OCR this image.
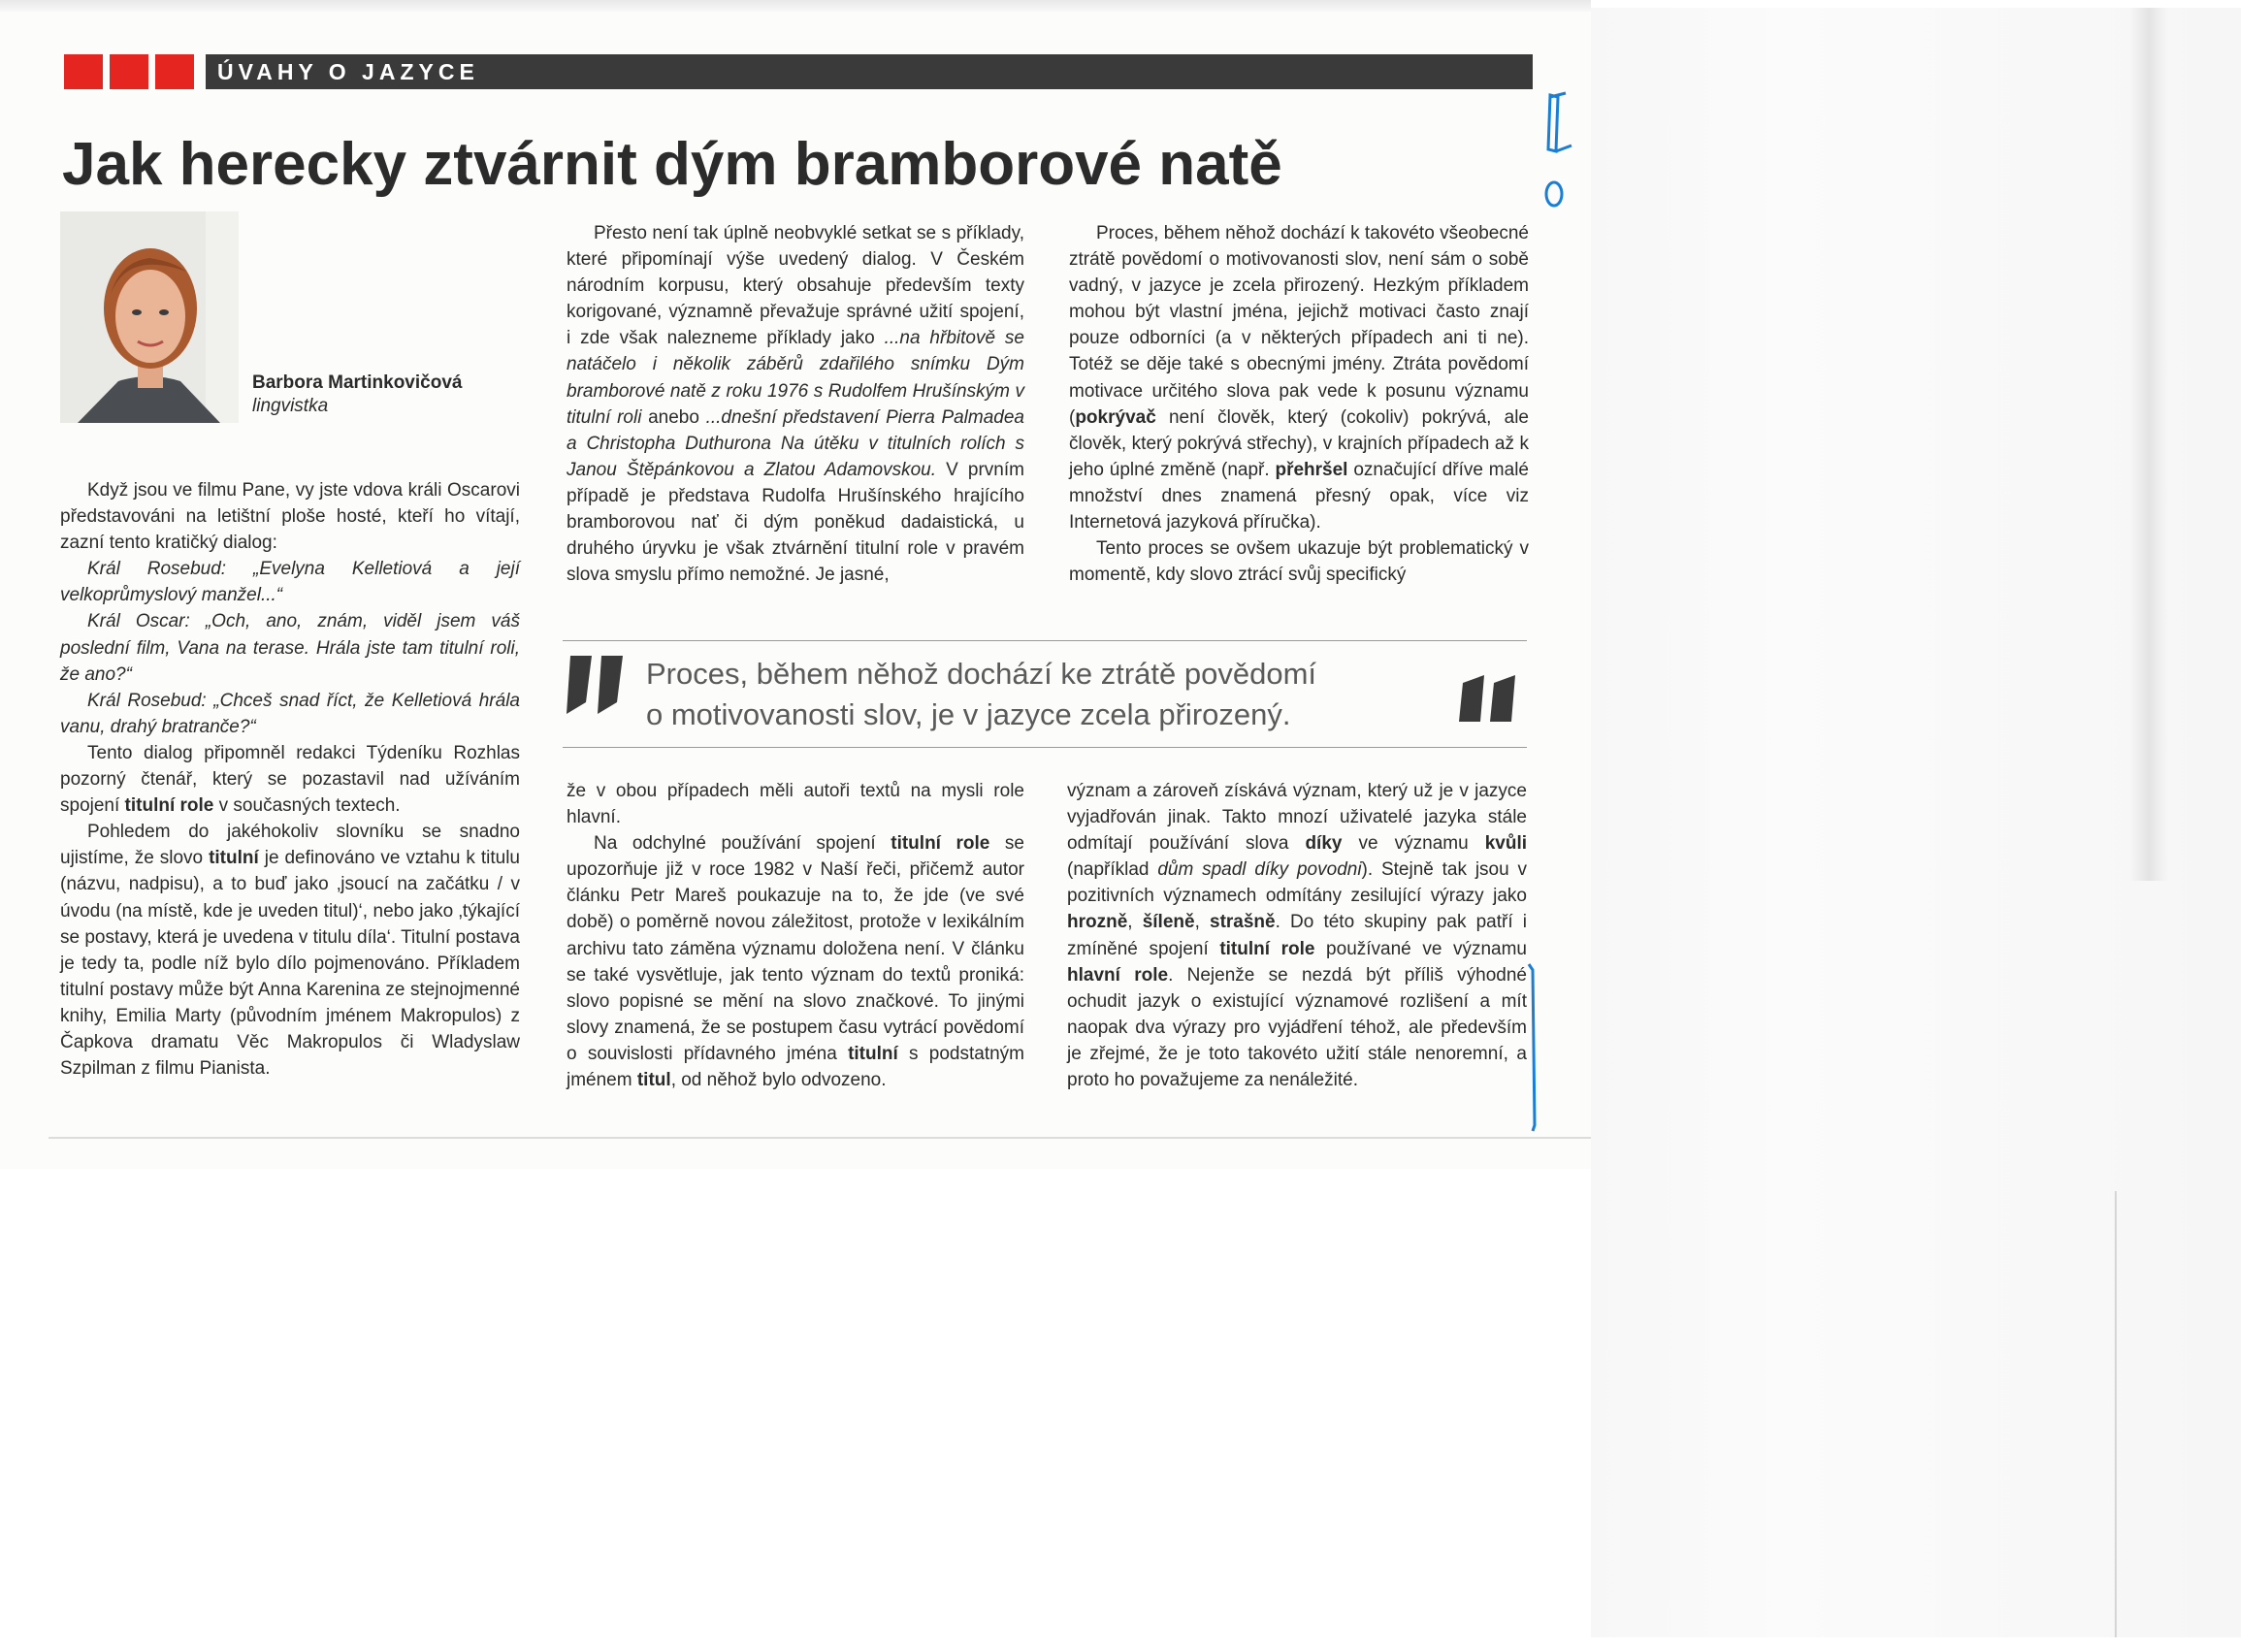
ÚVAHY O JAZYCE
Jak herecky ztvárnit dým bramborové natě
Barbora Martinkovičová
lingvistka

Když jsou ve filmu Pane, vy jste vdova králi Oscarovi představováni na letištní ploše hosté, kteří ho vítají, zazní tento kratičký dialog:

Král Rosebud: „Evelyna Kelletiová a její velkoprůmyslový manžel...“

Král Oscar: „Och, ano, znám, viděl jsem váš poslední film, Vana na terase. Hrála jste tam titulní roli, že ano?“

Král Rosebud: „Chceš snad říct, že Kelletiová hrála vanu, drahý bratranče?“

Tento dialog připomněl redakci Týdeníku Rozhlas pozorný čtenář, který se pozastavil nad užíváním spojení titulní role v současných textech.

Pohledem do jakéhokoliv slovníku se snadno ujistíme, že slovo titulní je definováno ve vztahu k titulu (názvu, nadpisu), a to buď jako ‚jsoucí na začátku / v úvodu (na místě, kde je uveden titul)‘, nebo jako ‚týkající se postavy, která je uvedena v titulu díla‘. Titulní postava je tedy ta, podle níž bylo dílo pojmenováno. Příkladem titulní postavy může být Anna Karenina ze stejnojmenné knihy, Emilia Marty (původním jménem Makropulos) z Čapkova dramatu Věc Makropulos či Wladyslaw Szpilman z filmu Pianista.

Přesto není tak úplně neobvyklé setkat se s příklady, které připomínají výše uvedený dialog. V Českém národním korpusu, který obsahuje především texty korigované, významně převažuje správné užití spojení, i zde však nalezneme příklady jako ...na hřbitově se natáčelo i několik záběrů zdařilého snímku Dým bramborové natě z roku 1976 s Rudolfem Hrušínským v titulní roli anebo ...dnešní představení Pierra Palmadea a Christopha Duthurona Na útěku v titulních rolích s Janou Štěpánkovou a Zlatou Adamovskou. V prvním případě je představa Rudolfa Hrušínského hrajícího bramborovou nať či dým poněkud dadaistická, u druhého úryvku je však ztvárnění titulní role v pravém slova smyslu přímo nemožné. Je jasné,

Proces, během něhož dochází k takovéto všeobecné ztrátě povědomí o motivovanosti slov, není sám o sobě vadný, v jazyce je zcela přirozený. Hezkým příkladem mohou být vlastní jména, jejichž motivaci často znají pouze odborníci (a v některých případech ani ti ne). Totéž se děje také s obecnými jmény. Ztráta povědomí motivace určitého slova pak vede k posunu významu (pokrývač není člověk, který (cokoliv) pokrývá, ale člověk, který pokrývá střechy), v krajních případech až k jeho úplné změně (např. přehršel označující dříve malé množství dnes znamená přesný opak, více viz Internetová jazyková příručka).

Tento proces se ovšem ukazuje být problematický v momentě, kdy slovo ztrácí svůj specifický

Proces, během něhož dochází ke ztrátě povědomí
o motivovanosti slov, je v jazyce zcela přirozený.

že v obou případech měli autoři textů na mysli role hlavní.

Na odchylné používání spojení titulní role se upozorňuje již v roce 1982 v Naší řeči, přičemž autor článku Petr Mareš poukazuje na to, že jde (ve své době) o poměrně novou záležitost, protože v lexikálním archivu tato záměna významu doložena není. V článku se také vysvětluje, jak tento význam do textů proniká: slovo popisné se mění na slovo značkové. To jinými slovy znamená, že se postupem času vytrácí povědomí o souvislosti přídavného jména titulní s podstatným jménem titul, od něhož bylo odvozeno.

význam a zároveň získává význam, který už je v jazyce vyjadřován jinak. Takto mnozí uživatelé jazyka stále odmítají používání slova díky ve významu kvůli (například dům spadl díky povodni). Stejně tak jsou v pozitivních významech odmítány zesilující výrazy jako hrozně, šíleně, strašně. Do této skupiny pak patří i zmíněné spojení titulní role používané ve významu hlavní role. Nejenže se nezdá být příliš výhodné ochudit jazyk o existující významové rozlišení a mít naopak dva výrazy pro vyjádření téhož, ale především je zřejmé, že je toto takovéto užití stále nenoremní, a proto ho považujeme za nenáležité.
